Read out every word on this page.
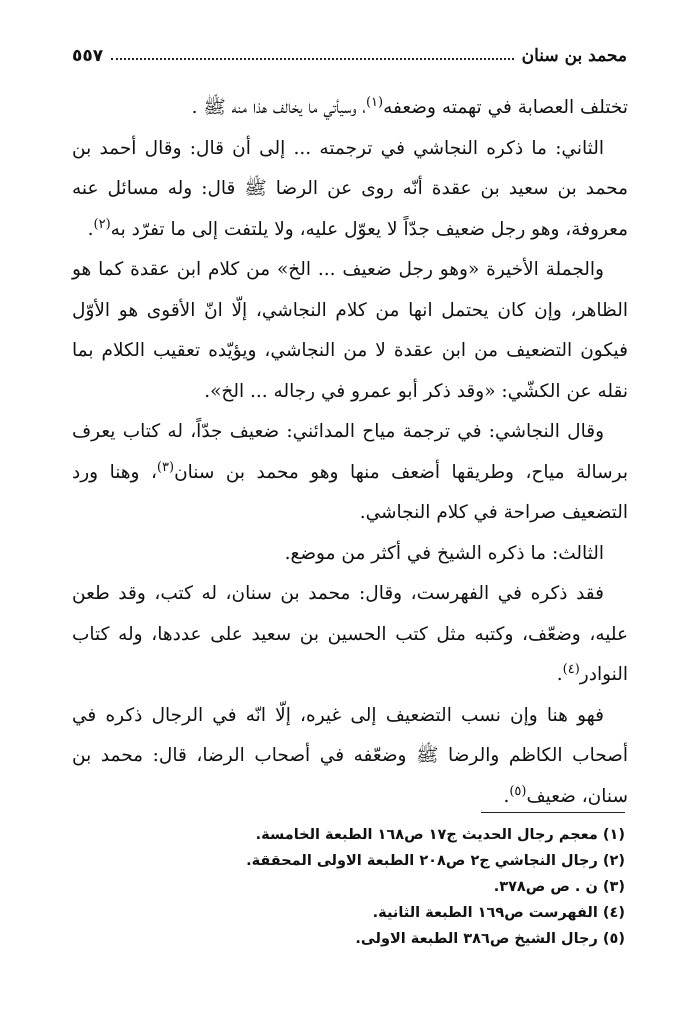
محمد بن سنان
٥٥٧

تختلف العصابة في تهمته وضعفه$^{(١)}$، وسيأتي ما يخالف هذا منه ﷺ .

الثاني: ما ذكره النجاشي في ترجمته ... إلى أن قال: وقال أحمد بن محمد بن سعيد بن عقدة أنّه روى عن الرضا ﷺ قال: وله مسائل عنه معروفة، وهو رجل ضعيف جدّاً لا يعوّل عليه، ولا يلتفت إلى ما تفرّد به$^{(٢)}$.

والجملة الأخيرة «وهو رجل ضعيف ... الخ» من كلام ابن عقدة كما هو الظاهر، وإن كان يحتمل انها من كلام النجاشي، إلّا انّ الأقوى هو الأوّل فيكون التضعيف من ابن عقدة لا من النجاشي، ويؤيّده تعقيب الكلام بما نقله عن الكشّي: «وقد ذكر أبو عمرو في رجاله ... الخ».

وقال النجاشي: في ترجمة مياح المدائني: ضعيف جدّاً، له كتاب يعرف برسالة مياح، وطريقها أضعف منها وهو محمد بن سنان$^{(٣)}$، وهنا ورد التضعيف صراحة في كلام النجاشي.

الثالث: ما ذكره الشيخ في أكثر من موضع.

فقد ذكره في الفهرست، وقال: محمد بن سنان، له كتب، وقد طعن عليه، وضعّف، وكتبه مثل كتب الحسين بن سعيد على عددها، وله كتاب النوادر$^{(٤)}$.

فهو هنا وإن نسب التضعيف إلى غيره، إلّا انّه في الرجال ذكره في أصحاب الكاظم والرضا ﷺ وضعّفه في أصحاب الرضا، قال: محمد بن سنان، ضعيف$^{(٥)}$.

(١) معجم رجال الحديث ج١٧ ص١٦٨ الطبعة الخامسة.
(٢) رجال النجاشي ج٢ ص٢٠٨ الطبعة الاولى المحققة.
(٣) ن . ص ص٣٧٨.
(٤) الفهرست ص١٦٩ الطبعة الثانية.
(٥) رجال الشيخ ص٣٨٦ الطبعة الاولى.
